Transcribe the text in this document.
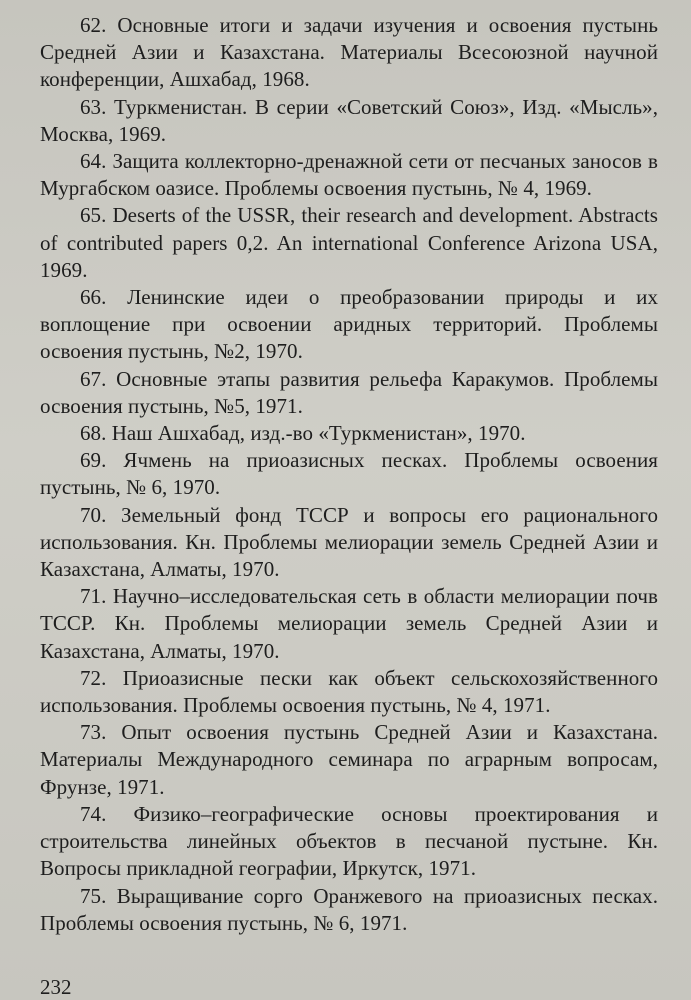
62. Основные итоги и задачи изучения и освоения пустынь Средней Азии и Казахстана. Материалы Всесоюзной научной конференции, Ашхабад, 1968.

63. Туркменистан. В серии «Советский Союз», Изд. «Мысль», Москва, 1969.

64. Защита коллекторно-дренажной сети от песчаных заносов в Мургабском оазисе. Проблемы освоения пустынь, № 4, 1969.

65. Deserts of the USSR, their research and development. Abstracts of contributed papers 0,2. An international Conference Arizona USA, 1969.

66. Ленинские идеи о преобразовании природы и их воплощение при освоении аридных территорий. Проблемы освоения пустынь, №2, 1970.

67. Основные этапы развития рельефа Каракумов. Проблемы освоения пустынь, №5, 1971.

68. Наш Ашхабад, изд.-во «Туркменистан», 1970.

69. Ячмень на приоазисных песках. Проблемы освоения пустынь, № 6, 1970.

70. Земельный фонд ТССР и вопросы его рационального использования. Кн. Проблемы мелиорации земель Средней Азии и Казахстана, Алматы, 1970.

71. Научно–исследовательская сеть в области мелиорации почв ТССР. Кн. Проблемы мелиорации земель Средней Азии и Казахстана, Алматы, 1970.

72. Приоазисные пески как объект сельскохозяйственного использования. Проблемы освоения пустынь, № 4, 1971.

73. Опыт освоения пустынь Средней Азии и Казахстана. Материалы Международного семинара по аграрным вопросам, Фрунзе, 1971.

74. Физико–географические основы проектирования и строительства линейных объектов в песчаной пустыне. Кн. Вопросы прикладной географии, Иркутск, 1971.

75. Выращивание сорго Оранжевого на приоазисных песках. Проблемы освоения пустынь, № 6, 1971.

232
